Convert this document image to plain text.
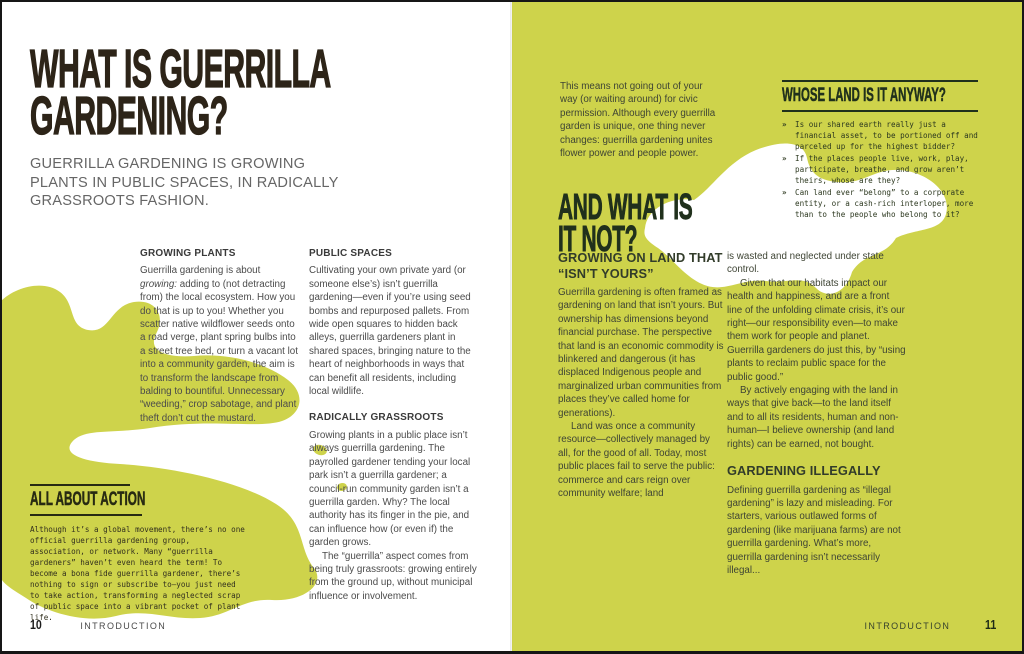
WHAT IS GUERRILLA
GARDENING?

GUERRILLA GARDENING IS GROWING PLANTS IN PUBLIC SPACES, IN RADICALLY GRASSROOTS FASHION.

GROWING PLANTS

Guerrilla gardening is about growing: adding to (not detracting from) the local ecosystem. How you do that is up to you! Whether you scatter native wildflower seeds onto a road verge, plant spring bulbs into a street tree bed, or turn a vacant lot into a community garden, the aim is to transform the landscape from balding to bountiful. Unnecessary “weeding,” crop sabotage, and plant theft don’t cut the mustard.

PUBLIC SPACES

Cultivating your own private yard (or someone else’s) isn’t guerrilla gardening—even if you’re using seed bombs and repurposed pallets. From wide open squares to hidden back alleys, guerrilla gardeners plant in shared spaces, bringing nature to the heart of neighborhoods in ways that can benefit all residents, including local wildlife.

RADICALLY GRASSROOTS

Growing plants in a public place isn’t always guerrilla gardening. The payrolled gardener tending your local park isn’t a guerrilla gardener; a council-run community garden isn’t a guerrilla garden. Why? The local authority has its finger in the pie, and can influence how (or even if) the garden grows.

The “guerrilla” aspect comes from being truly grassroots: growing entirely from the ground up, without municipal influence or involvement.

ALL ABOUT ACTION

Although it’s a global movement, there’s no one official guerrilla gardening group, association, or network. Many “guerrilla gardeners” haven’t even heard the term! To become a bona fide guerrilla gardener, there’s nothing to sign or subscribe to—you just need to take action, transforming a neglected scrap of public space into a vibrant pocket of plant life.

10	INTRODUCTION

This means not going out of your way (or waiting around) for civic permission. Although every guerrilla garden is unique, one thing never changes: guerrilla gardening unites flower power and people power.

AND WHAT IS
IT NOT?
WHOSE LAND IS IT ANYWAY?
»	Is our shared earth really just a financial asset, to be portioned off and parceled up for the highest bidder?
»	If the places people live, work, play, participate, breathe, and grow aren’t theirs, whose are they?
»	Can land ever “belong” to a corporate entity, or a cash-rich interloper, more than to the people who belong to it?
GROWING ON LAND THAT
“ISN’T YOURS”

Guerrilla gardening is often framed as gardening on land that isn’t yours. But ownership has dimensions beyond financial purchase. The perspective that land is an economic commodity is blinkered and dangerous (it has displaced Indigenous people and marginalized urban communities from places they’ve called home for generations).

Land was once a community resource—collectively managed by all, for the good of all. Today, most public places fail to serve the public: commerce and cars reign over community welfare; land

is wasted and neglected under state control.

Given that our habitats impact our health and happiness, and are a front line of the unfolding climate crisis, it’s our right—our responsibility even—to make them work for people and planet. Guerrilla gardeners do just this, by “using plants to reclaim public space for the public good.”

By actively engaging with the land in ways that give back—to the land itself and to all its residents, human and non-human—I believe ownership (and land rights) can be earned, not bought.

GARDENING ILLEGALLY

Defining guerrilla gardening as “illegal gardening” is lazy and misleading. For starters, various outlawed forms of gardening (like marijuana farms) are not guerrilla gardening. What’s more, guerrilla gardening isn’t necessarily illegal...

INTRODUCTION	11
